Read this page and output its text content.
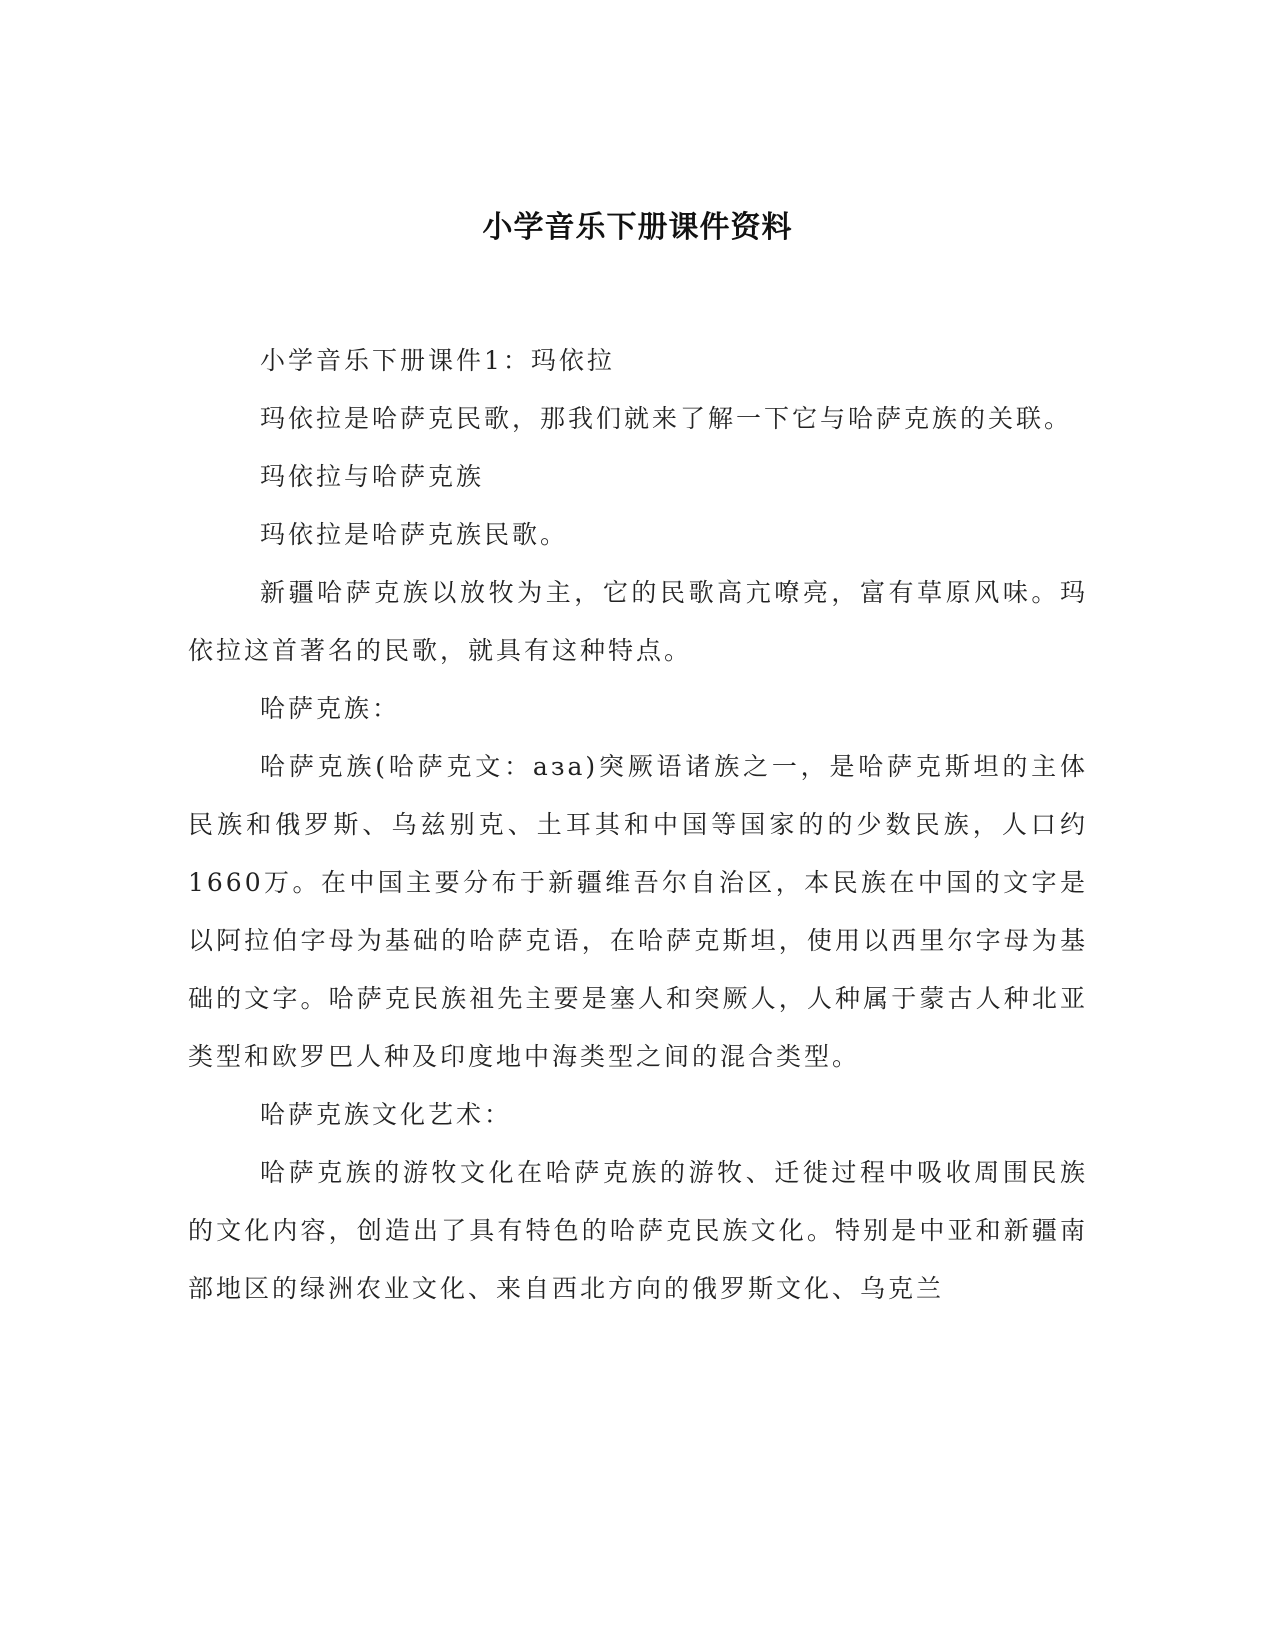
小学音乐下册课件资料

小学音乐下册课件1：玛依拉

玛依拉是哈萨克民歌，那我们就来了解一下它与哈萨克族的关联。

玛依拉与哈萨克族

玛依拉是哈萨克族民歌。

新疆哈萨克族以放牧为主，它的民歌高亢嘹亮，富有草原风味。玛依拉这首著名的民歌，就具有这种特点。

哈萨克族：

哈萨克族(哈萨克文：аза)突厥语诸族之一，是哈萨克斯坦的主体民族和俄罗斯、乌兹别克、土耳其和中国等国家的的少数民族，人口约1660万。在中国主要分布于新疆维吾尔自治区，本民族在中国的文字是以阿拉伯字母为基础的哈萨克语，在哈萨克斯坦，使用以西里尔字母为基础的文字。哈萨克民族祖先主要是塞人和突厥人，人种属于蒙古人种北亚类型和欧罗巴人种及印度地中海类型之间的混合类型。

哈萨克族文化艺术：

哈萨克族的游牧文化在哈萨克族的游牧、迁徙过程中吸收周围民族的文化内容，创造出了具有特色的哈萨克民族文化。特别是中亚和新疆南部地区的绿洲农业文化、来自西北方向的俄罗斯文化、乌克兰
